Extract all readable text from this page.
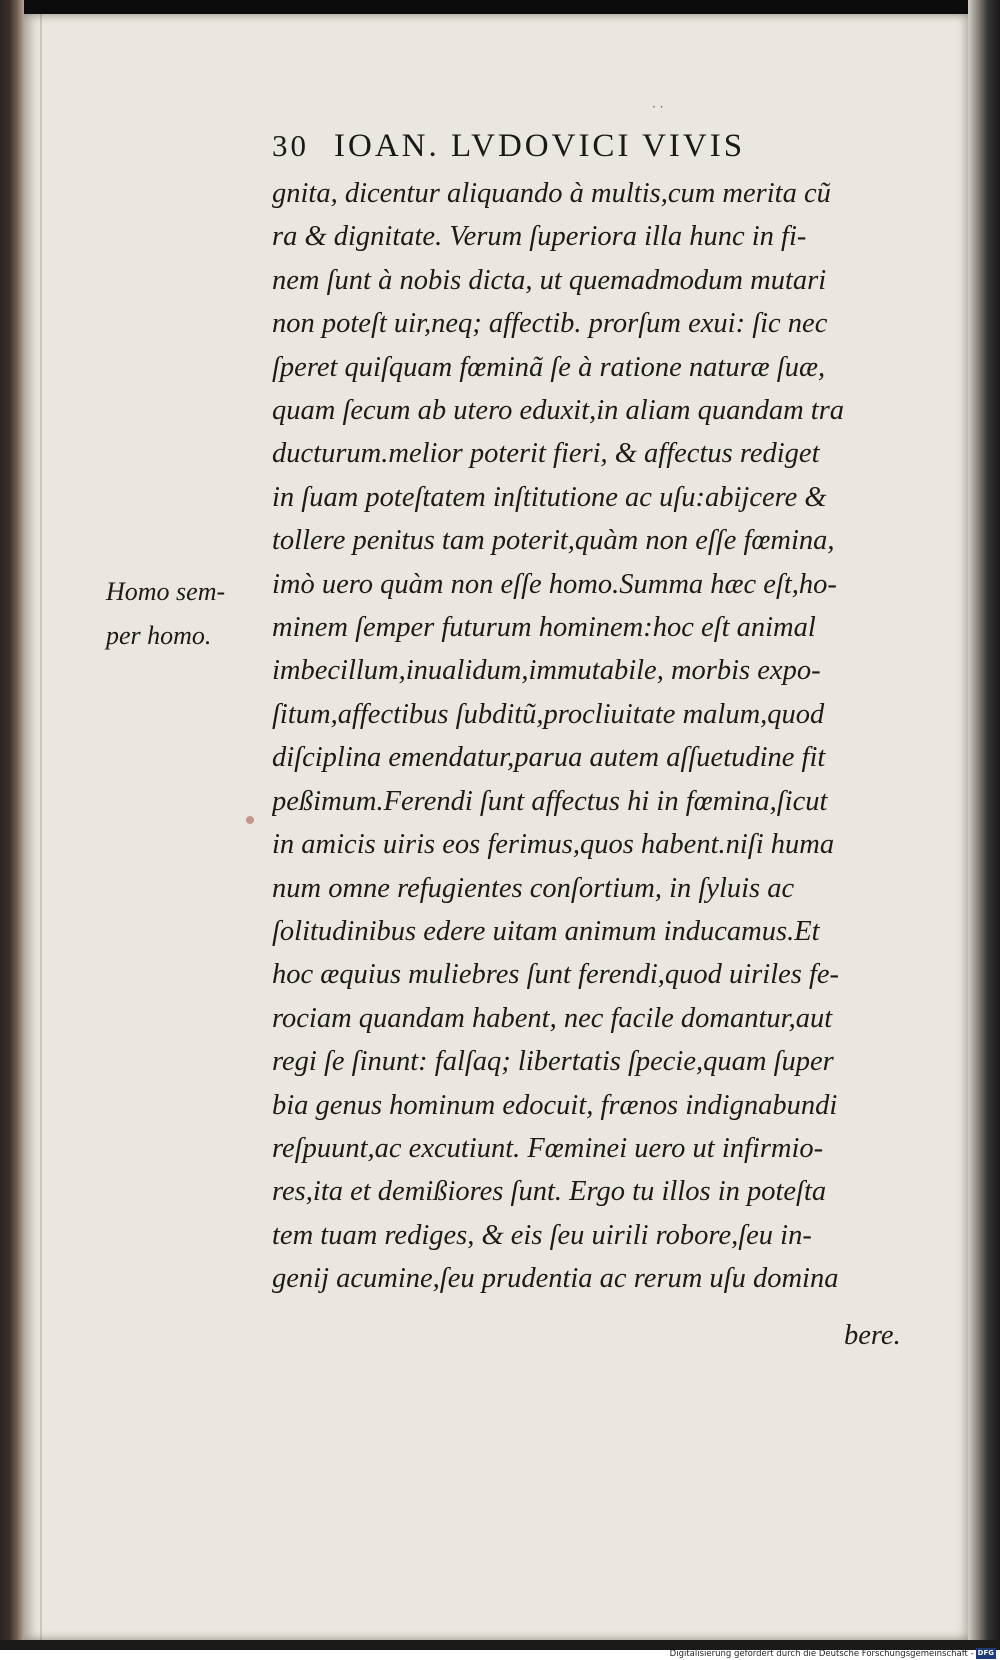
· ·
30 IOAN. LVDOVICI VIVIS
Homo sem-
per homo.
gnita, dicentur aliquando à multis,cum merita cũ
ra & dignitate. Verum ſuperiora illa hunc in fi-
nem ſunt à nobis dicta, ut quemadmodum mutari
non poteſt uir,neq; affectib. prorſum exui: ſic nec
ſperet quiſquam fœminã ſe à ratione naturæ ſuæ,
quam ſecum ab utero eduxit,in aliam quandam tra
ducturum.melior poterit fieri, & affectus rediget
in ſuam poteſtatem inſtitutione ac uſu:abijcere &
tollere penitus tam poterit,quàm non eſſe fœmina,
imò uero quàm non eſſe homo.Summa hæc eſt,ho-
minem ſemper futurum hominem:hoc eſt animal
imbecillum,inualidum,immutabile, morbis expo-
ſitum,affectibus ſubditũ,procliuitate malum,quod
diſciplina emendatur,parua autem aſſuetudine fit
peßimum.Ferendi ſunt affectus hi in fœmina,ſicut
in amicis uiris eos ferimus,quos habent.niſi huma
num omne refugientes conſortium, in ſyluis ac
ſolitudinibus edere uitam animum inducamus.Et
hoc æquius muliebres ſunt ferendi,quod uiriles fe-
rociam quandam habent, nec facile domantur,aut
regi ſe ſinunt: falſaq; libertatis ſpecie,quam ſuper
bia genus hominum edocuit, frænos indignabundi
reſpuunt,ac excutiunt. Fœminei uero ut infirmio-
res,ita et demißiores ſunt. Ergo tu illos in poteſta
tem tuam rediges, & eis ſeu uirili robore,ſeu in-
genij acumine,ſeu prudentia ac rerum uſu domina
bere.
Digitalisierung gefördert durch die Deutsche Forschungsgemeinschaft - DFG
